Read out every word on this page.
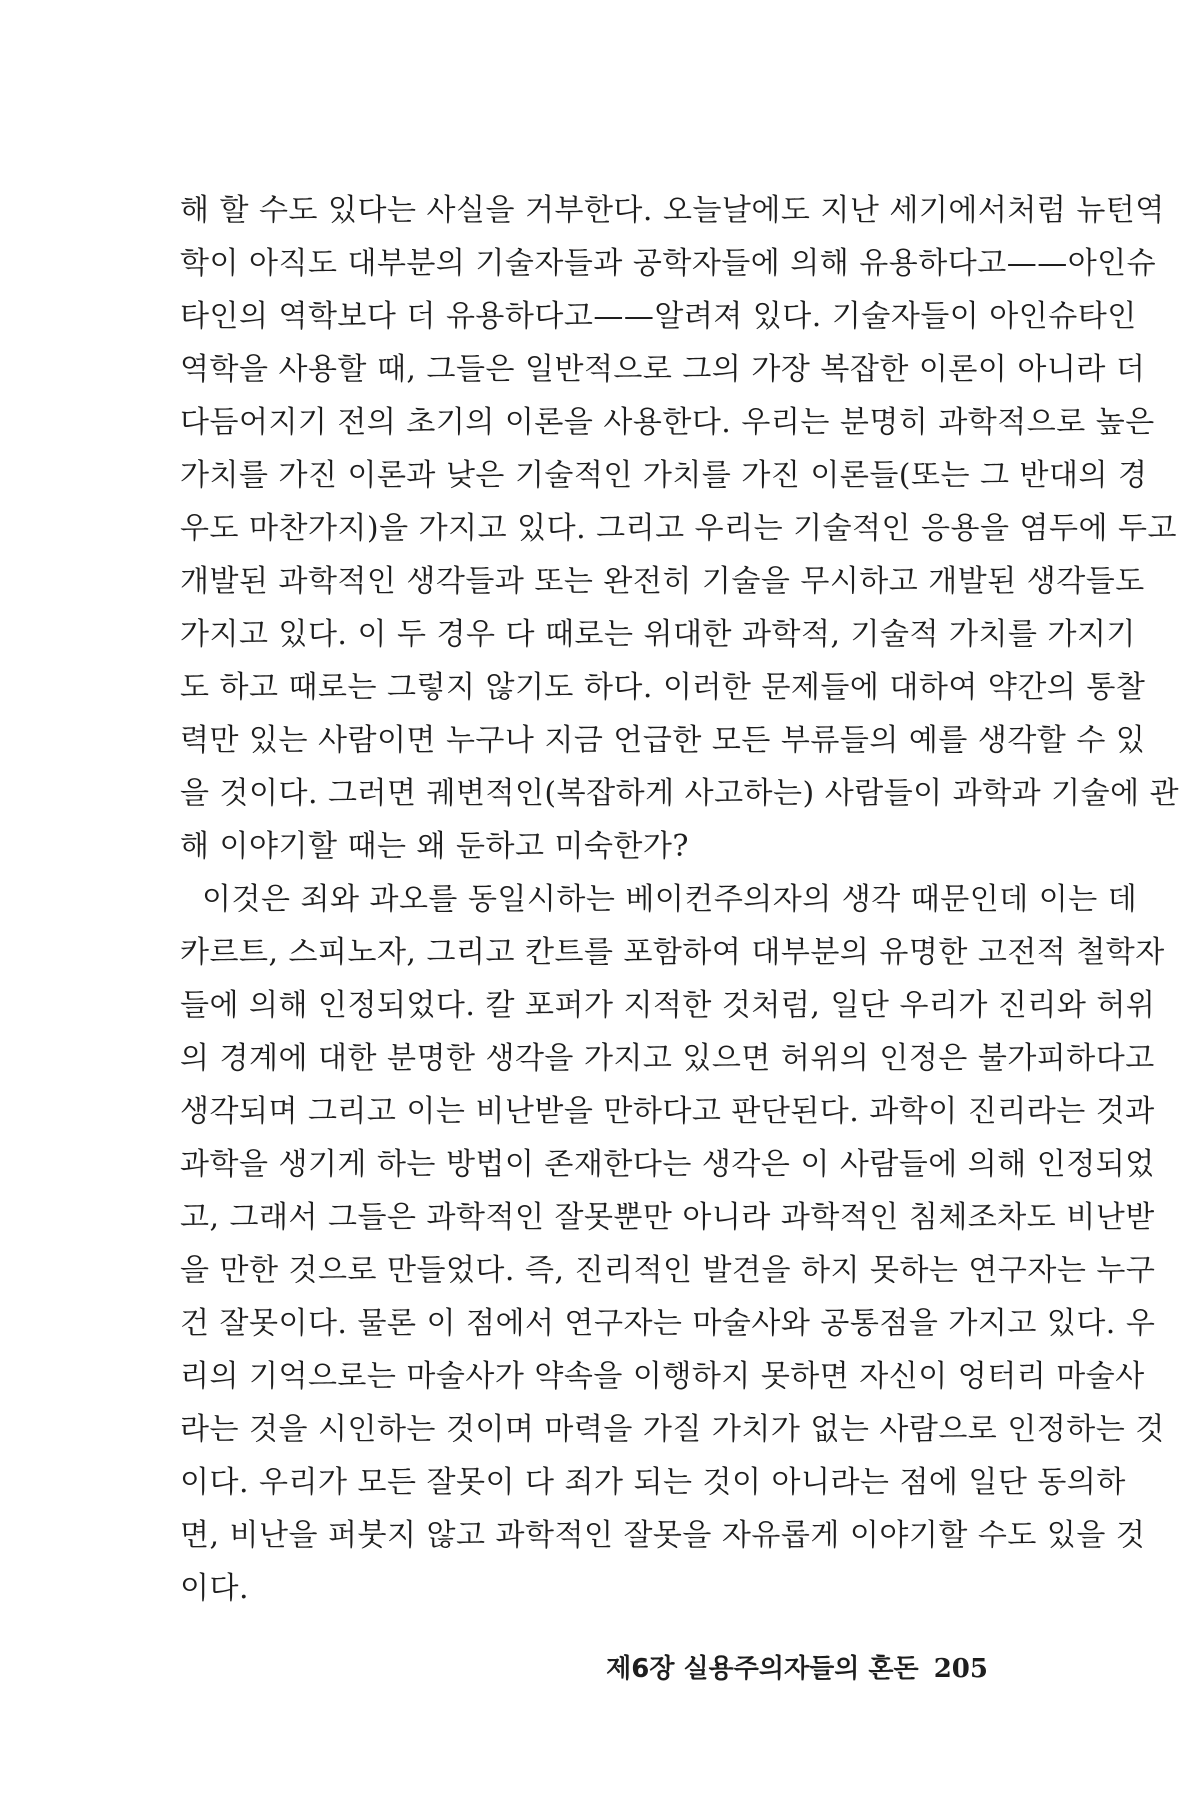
해 할 수도 있다는 사실을 거부한다. 오늘날에도 지난 세기에서처럼 뉴턴역
학이 아직도 대부분의 기술자들과 공학자들에 의해 유용하다고——아인슈
타인의 역학보다 더 유용하다고——알려져 있다. 기술자들이 아인슈타인
역학을 사용할 때, 그들은 일반적으로 그의 가장 복잡한 이론이 아니라 더
다듬어지기 전의 초기의 이론을 사용한다. 우리는 분명히 과학적으로 높은
가치를 가진 이론과 낮은 기술적인 가치를 가진 이론들(또는 그 반대의 경
우도 마찬가지)을 가지고 있다. 그리고 우리는 기술적인 응용을 염두에 두고
개발된 과학적인 생각들과 또는 완전히 기술을 무시하고 개발된 생각들도
가지고 있다. 이 두 경우 다 때로는 위대한 과학적, 기술적 가치를 가지기
도 하고 때로는 그렇지 않기도 하다. 이러한 문제들에 대하여 약간의 통찰
력만 있는 사람이면 누구나 지금 언급한 모든 부류들의 예를 생각할 수 있
을 것이다. 그러면 궤변적인(복잡하게 사고하는) 사람들이 과학과 기술에 관
해 이야기할 때는 왜 둔하고 미숙한가?
이것은 죄와 과오를 동일시하는 베이컨주의자의 생각 때문인데 이는 데
카르트, 스피노자, 그리고 칸트를 포함하여 대부분의 유명한 고전적 철학자
들에 의해 인정되었다. 칼 포퍼가 지적한 것처럼, 일단 우리가 진리와 허위
의 경계에 대한 분명한 생각을 가지고 있으면 허위의 인정은 불가피하다고
생각되며 그리고 이는 비난받을 만하다고 판단된다. 과학이 진리라는 것과
과학을 생기게 하는 방법이 존재한다는 생각은 이 사람들에 의해 인정되었
고, 그래서 그들은 과학적인 잘못뿐만 아니라 과학적인 침체조차도 비난받
을 만한 것으로 만들었다. 즉, 진리적인 발견을 하지 못하는 연구자는 누구
건 잘못이다. 물론 이 점에서 연구자는 마술사와 공통점을 가지고 있다. 우
리의 기억으로는 마술사가 약속을 이행하지 못하면 자신이 엉터리 마술사
라는 것을 시인하는 것이며 마력을 가질 가치가 없는 사람으로 인정하는 것
이다. 우리가 모든 잘못이 다 죄가 되는 것이 아니라는 점에 일단 동의하
면, 비난을 퍼붓지 않고 과학적인 잘못을 자유롭게 이야기할 수도 있을 것
이다.
제6장 실용주의자들의 혼돈 205
